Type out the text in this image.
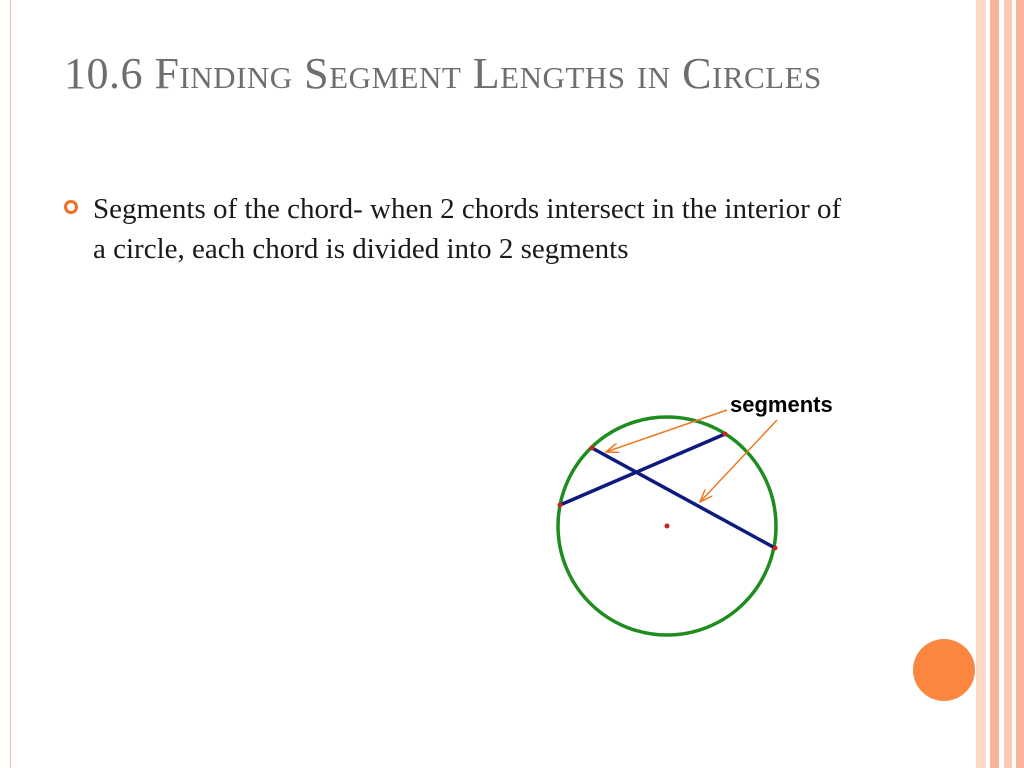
10.6 Finding Segment Lengths in Circles

Segments of the chord- when 2 chords intersect in the interior of a circle, each chord is divided into 2 segments

segments
